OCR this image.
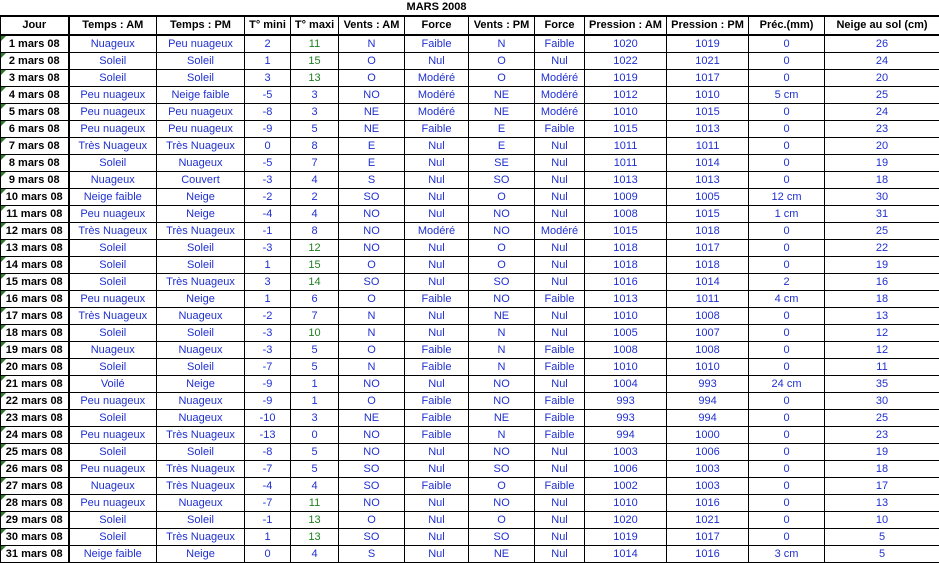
					MARS 2008							
Jour	Temps : AM	Temps : PM	T° mini	T° maxi	Vents : AM	Force	Vents : PM	Force	Pression : AM	Pression : PM	Préc.(mm)	Neige au sol (cm)

1 mars 08	Nuageux	Peu nuageux	2	11	N	Faible	N	Faible	1020	1019	0	26

2 mars 08	Soleil	Soleil	1	15	O	Nul	O	Nul	1022	1021	0	24

3 mars 08	Soleil	Soleil	3	13	O	Modéré	O	Modéré	1019	1017	0	20

4 mars 08	Peu nuageux	Neige faible	-5	3	NO	Modéré	NE	Modéré	1012	1010	5 cm	25

5 mars 08	Peu nuageux	Peu nuageux	-8	3	NE	Modéré	NE	Modéré	1010	1015	0	24

6 mars 08	Peu nuageux	Peu nuageux	-9	5	NE	Faible	E	Faible	1015	1013	0	23

7 mars 08	Très Nuageux	Très Nuageux	0	8	E	Nul	E	Nul	1011	1011	0	20

8 mars 08	Soleil	Nuageux	-5	7	E	Nul	SE	Nul	1011	1014	0	19

9 mars 08	Nuageux	Couvert	-3	4	S	Nul	SO	Nul	1013	1013	0	18

10 mars 08	Neige faible	Neige	-2	2	SO	Nul	O	Nul	1009	1005	12 cm	30

11 mars 08	Peu nuageux	Neige	-4	4	NO	Nul	NO	Nul	1008	1015	1 cm	31

12 mars 08	Très Nuageux	Très Nuageux	-1	8	NO	Modéré	NO	Modéré	1015	1018	0	25

13 mars 08	Soleil	Soleil	-3	12	NO	Nul	O	Nul	1018	1017	0	22

14 mars 08	Soleil	Soleil	1	15	O	Nul	O	Nul	1018	1018	0	19

15 mars 08	Soleil	Très Nuageux	3	14	SO	Nul	SO	Nul	1016	1014	2	16

16 mars 08	Peu nuageux	Neige	1	6	O	Faible	NO	Faible	1013	1011	4 cm	18

17 mars 08	Très Nuageux	Nuageux	-2	7	N	Nul	NE	Nul	1010	1008	0	13

18 mars 08	Soleil	Soleil	-3	10	N	Nul	N	Nul	1005	1007	0	12

19 mars 08	Nuageux	Nuageux	-3	5	O	Faible	N	Faible	1008	1008	0	12

20 mars 08	Soleil	Soleil	-7	5	N	Faible	N	Faible	1010	1010	0	11

21 mars 08	Voilé	Neige	-9	1	NO	Nul	NO	Nul	1004	993	24 cm	35

22 mars 08	Peu nuageux	Nuageux	-9	1	O	Faible	NO	Faible	993	994	0	30

23 mars 08	Soleil	Nuageux	-10	3	NE	Faible	NE	Faible	993	994	0	25

24 mars 08	Peu nuageux	Très Nuageux	-13	0	NO	Faible	N	Faible	994	1000	0	23

25 mars 08	Soleil	Soleil	-8	5	NO	Nul	NO	Nul	1003	1006	0	19

26 mars 08	Peu nuageux	Très Nuageux	-7	5	SO	Nul	SO	Nul	1006	1003	0	18

27 mars 08	Nuageux	Très Nuageux	-4	4	SO	Faible	O	Faible	1002	1003	0	17

28 mars 08	Peu nuageux	Nuageux	-7	11	NO	Nul	NO	Nul	1010	1016	0	13

29 mars 08	Soleil	Soleil	-1	13	O	Nul	O	Nul	1020	1021	0	10

30 mars 08	Soleil	Très Nuageux	1	13	SO	Nul	SO	Nul	1019	1017	0	5

31 mars 08	Neige faible	Neige	0	4	S	Nul	NE	Nul	1014	1016	3 cm	5
